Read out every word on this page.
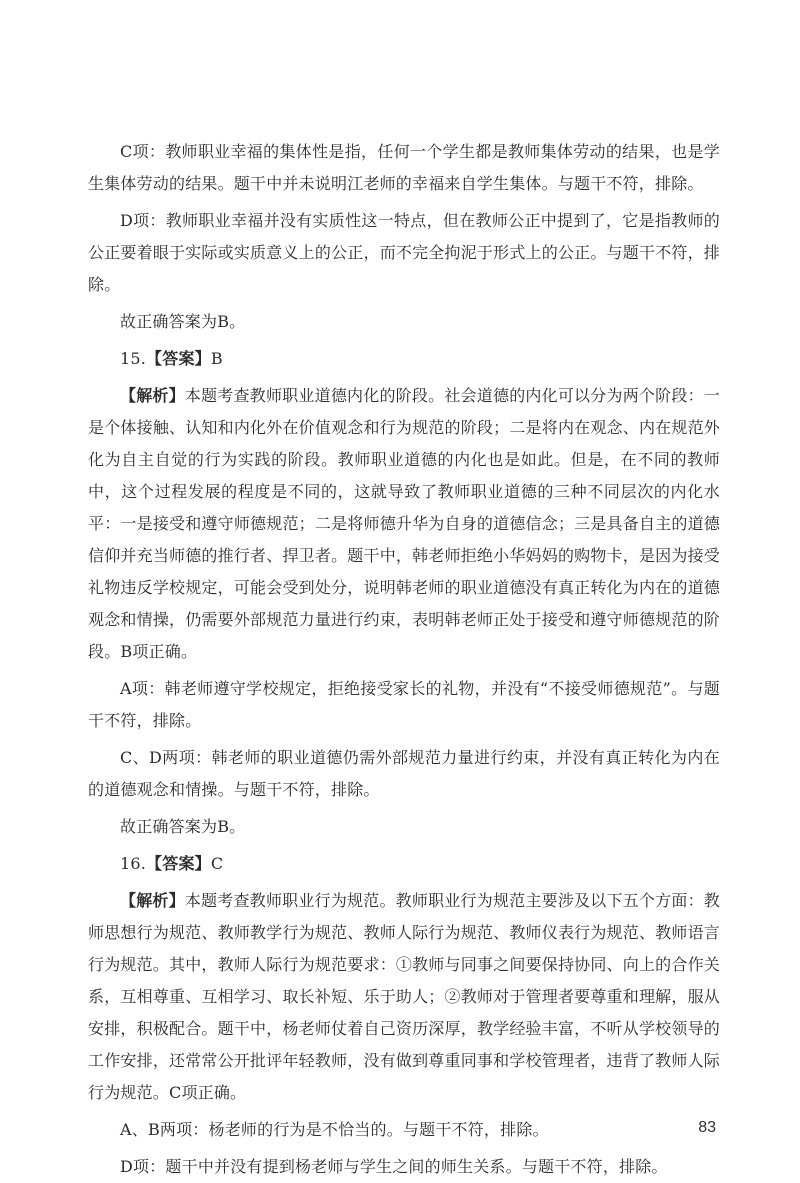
C项：教师职业幸福的集体性是指，任何一个学生都是教师集体劳动的结果，也是学生集体劳动的结果。题干中并未说明江老师的幸福来自学生集体。与题干不符，排除。

D项：教师职业幸福并没有实质性这一特点，但在教师公正中提到了，它是指教师的公正要着眼于实际或实质意义上的公正，而不完全拘泥于形式上的公正。与题干不符，排除。

故正确答案为B。

15.【答案】B

【解析】本题考查教师职业道德内化的阶段。社会道德的内化可以分为两个阶段：一是个体接触、认知和内化外在价值观念和行为规范的阶段；二是将内在观念、内在规范外化为自主自觉的行为实践的阶段。教师职业道德的内化也是如此。但是，在不同的教师中，这个过程发展的程度是不同的，这就导致了教师职业道德的三种不同层次的内化水平：一是接受和遵守师德规范；二是将师德升华为自身的道德信念；三是具备自主的道德信仰并充当师德的推行者、捍卫者。题干中，韩老师拒绝小华妈妈的购物卡，是因为接受礼物违反学校规定，可能会受到处分，说明韩老师的职业道德没有真正转化为内在的道德观念和情操，仍需要外部规范力量进行约束，表明韩老师正处于接受和遵守师德规范的阶段。B项正确。

A项：韩老师遵守学校规定，拒绝接受家长的礼物，并没有“不接受师德规范”。与题干不符，排除。

C、D两项：韩老师的职业道德仍需外部规范力量进行约束，并没有真正转化为内在的道德观念和情操。与题干不符，排除。

故正确答案为B。

16.【答案】C

【解析】本题考查教师职业行为规范。教师职业行为规范主要涉及以下五个方面：教师思想行为规范、教师教学行为规范、教师人际行为规范、教师仪表行为规范、教师语言行为规范。其中，教师人际行为规范要求：①教师与同事之间要保持协同、向上的合作关系，互相尊重、互相学习、取长补短、乐于助人；②教师对于管理者要尊重和理解，服从安排，积极配合。题干中，杨老师仗着自己资历深厚，教学经验丰富，不听从学校领导的工作安排，还常常公开批评年轻教师，没有做到尊重同事和学校管理者，违背了教师人际行为规范。C项正确。

A、B两项：杨老师的行为是不恰当的。与题干不符，排除。

D项：题干中并没有提到杨老师与学生之间的师生关系。与题干不符，排除。

83
